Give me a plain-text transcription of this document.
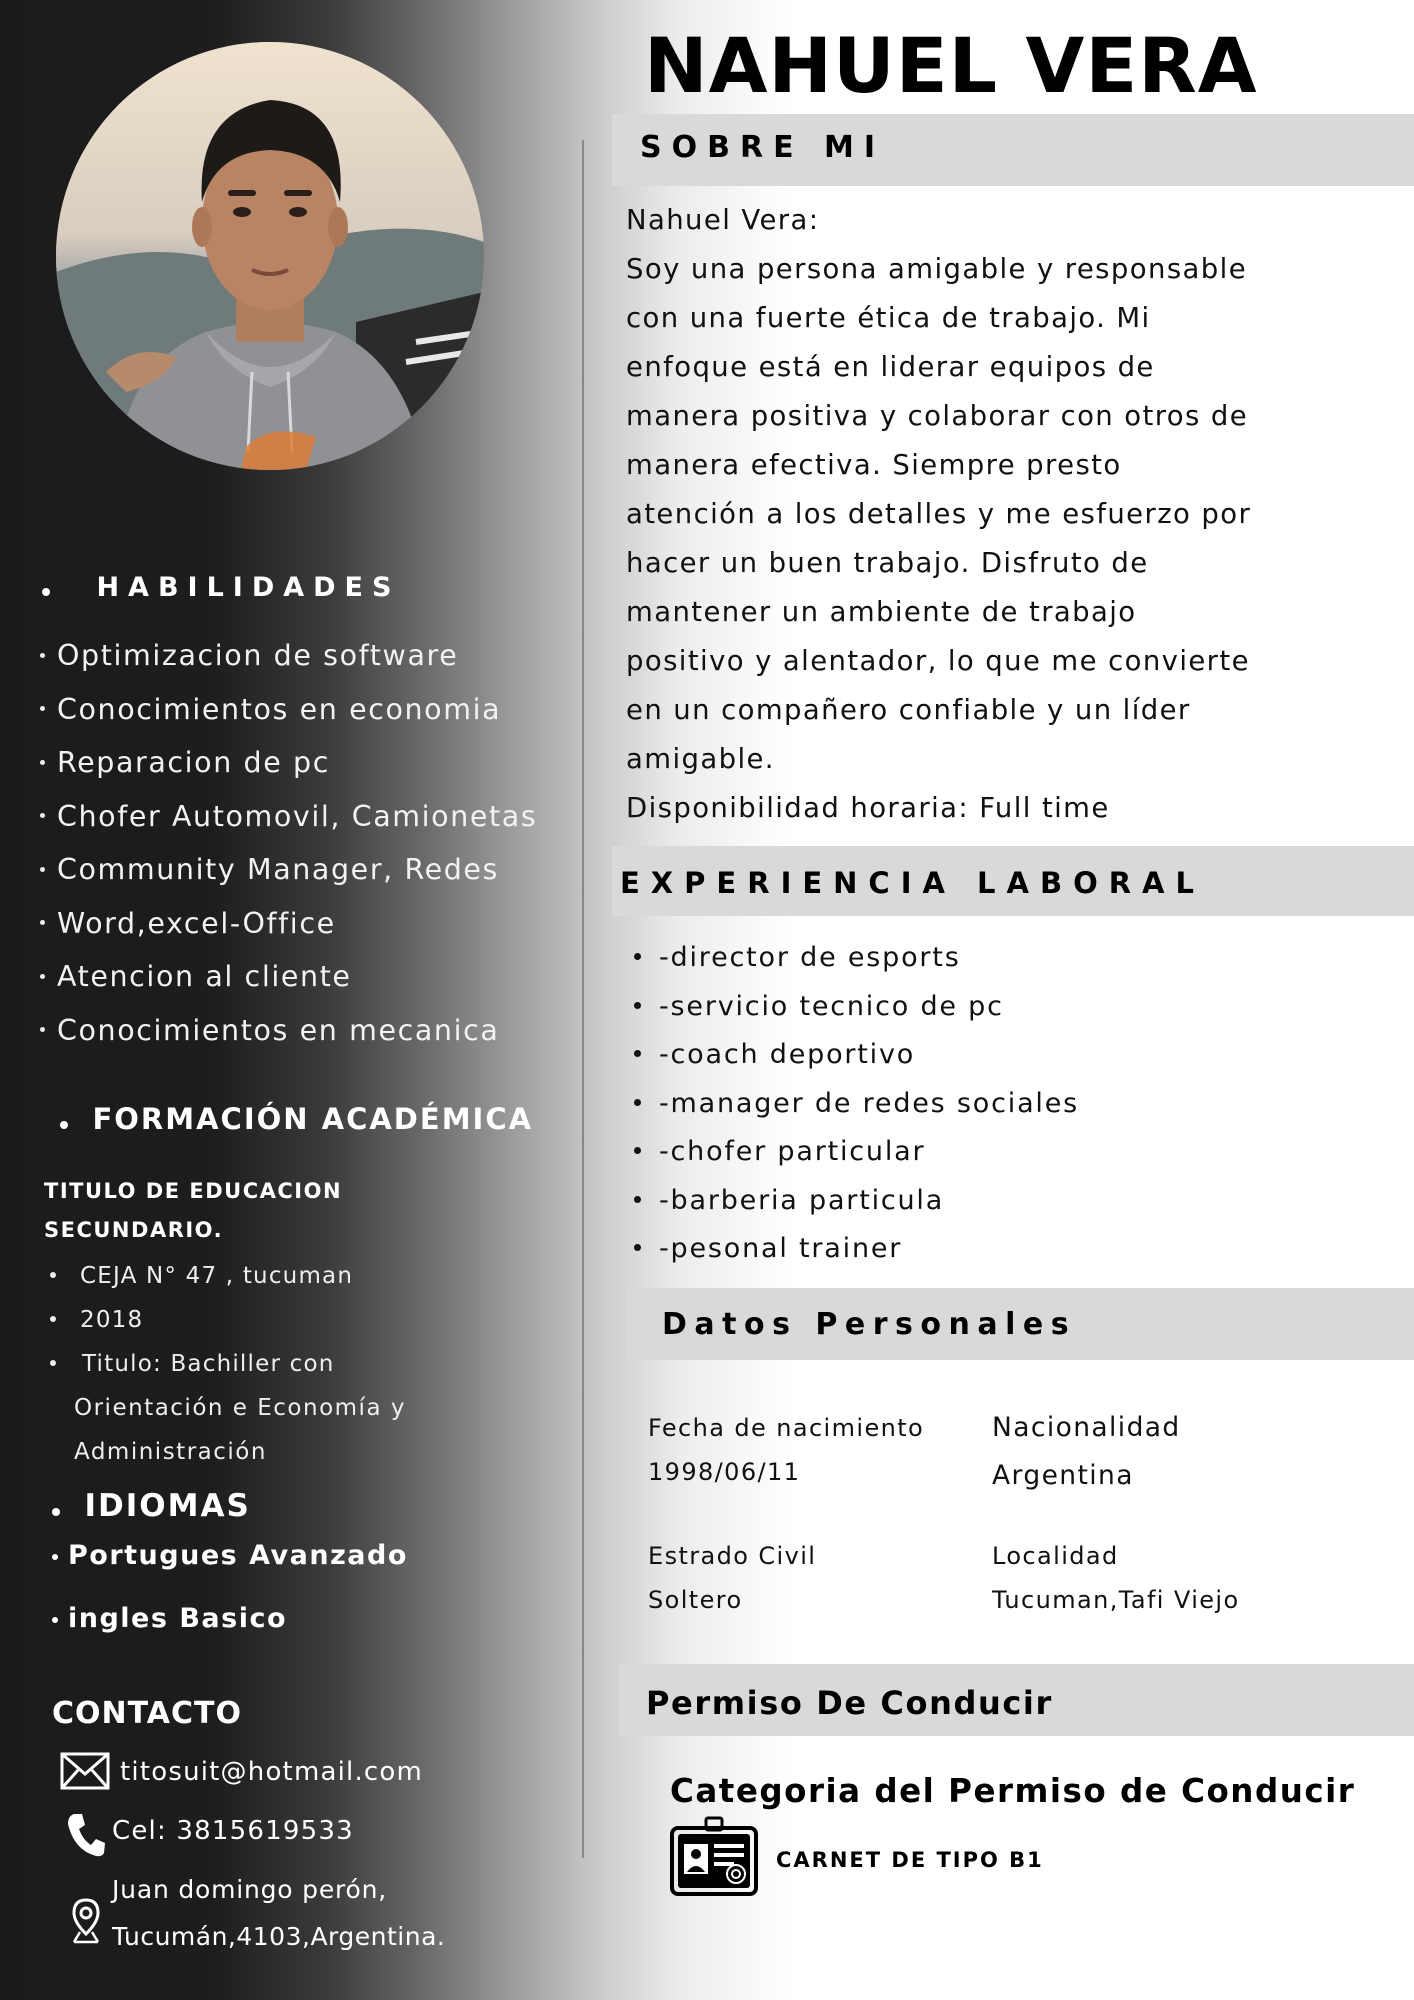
HABILIDADES
Optimizacion de software
Conocimientos en economia
Reparacion de pc
Chofer Automovil, Camionetas
Community Manager, Redes
Word,excel-Office
Atencion al cliente
Conocimientos en mecanica
FORMACIÓN ACADÉMICA
TITULO DE EDUCACION
SECUNDARIO.
CEJA N° 47 , tucuman
2018
Titulo: Bachiller con
Orientación e Economía y
Administración
IDIOMAS
Portugues Avanzado
ingles Basico
CONTACTO
titosuit@hotmail.com
Cel: 3815619533
Juan domingo perón,
Tucumán,4103,Argentina.
NAHUEL VERA
SOBRE MI

Nahuel Vera:

Soy una persona amigable y responsable

con una fuerte ética de trabajo. Mi

enfoque está en liderar equipos de

manera positiva y colaborar con otros de

manera efectiva. Siempre presto

atención a los detalles y me esfuerzo por

hacer un buen trabajo. Disfruto de

mantener un ambiente de trabajo

positivo y alentador, lo que me convierte

en un compañero confiable y un líder

amigable.

Disponibilidad horaria: Full time

EXPERIENCIA LABORAL
-director de esports
-servicio tecnico de pc
-coach deportivo
-manager de redes sociales
-chofer particular
-barberia particula
-pesonal trainer
Datos Personales
Fecha de nacimiento
1998/06/11
Nacionalidad
Argentina
Estrado Civil
Soltero
Localidad
Tucuman,Tafi Viejo
Permiso De Conducir
Categoria del Permiso de Conducir
CARNET DE TIPO B1
